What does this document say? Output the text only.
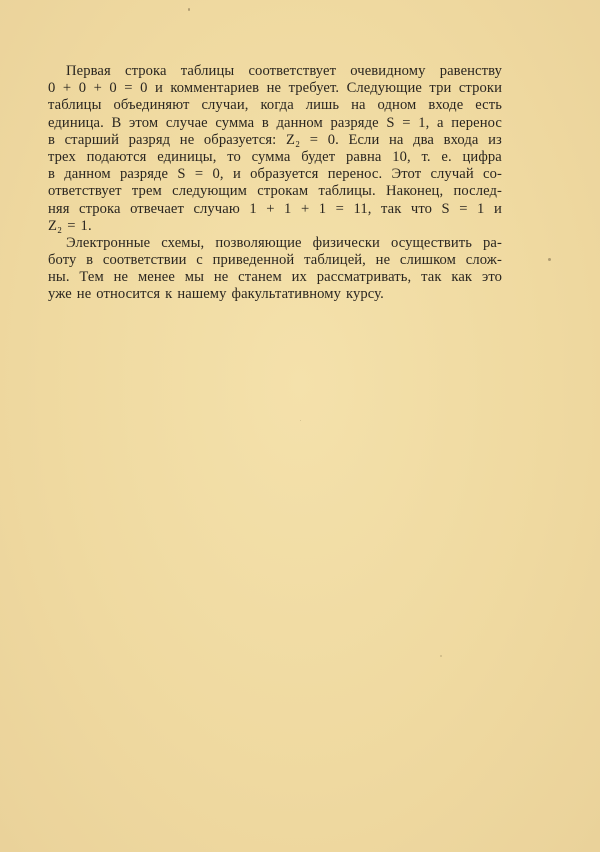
Первая строка таблицы соответствует очевидному равенству
0 + 0 + 0 = 0 и комментариев не требует. Следующие три строки
таблицы объединяют случаи, когда лишь на одном входе есть
единица. В этом случае сумма в данном разряде S = 1, а перенос
в старший разряд не образуется: Z₂ = 0. Если на два входа из
трех подаются единицы, то сумма будет равна 10, т. е. цифра
в данном разряде S = 0, и образуется перенос. Этот случай со-
ответствует трем следующим строкам таблицы. Наконец, послед-
няя строка отвечает случаю 1 + 1 + 1 = 11, так что S = 1 и
Z₂ = 1.
Электронные схемы, позволяющие физически осуществить ра-
боту в соответствии с приведенной таблицей, не слишком слож-
ны. Тем не менее мы не станем их рассматривать, так как это
уже не относится к нашему факультативному курсу.
